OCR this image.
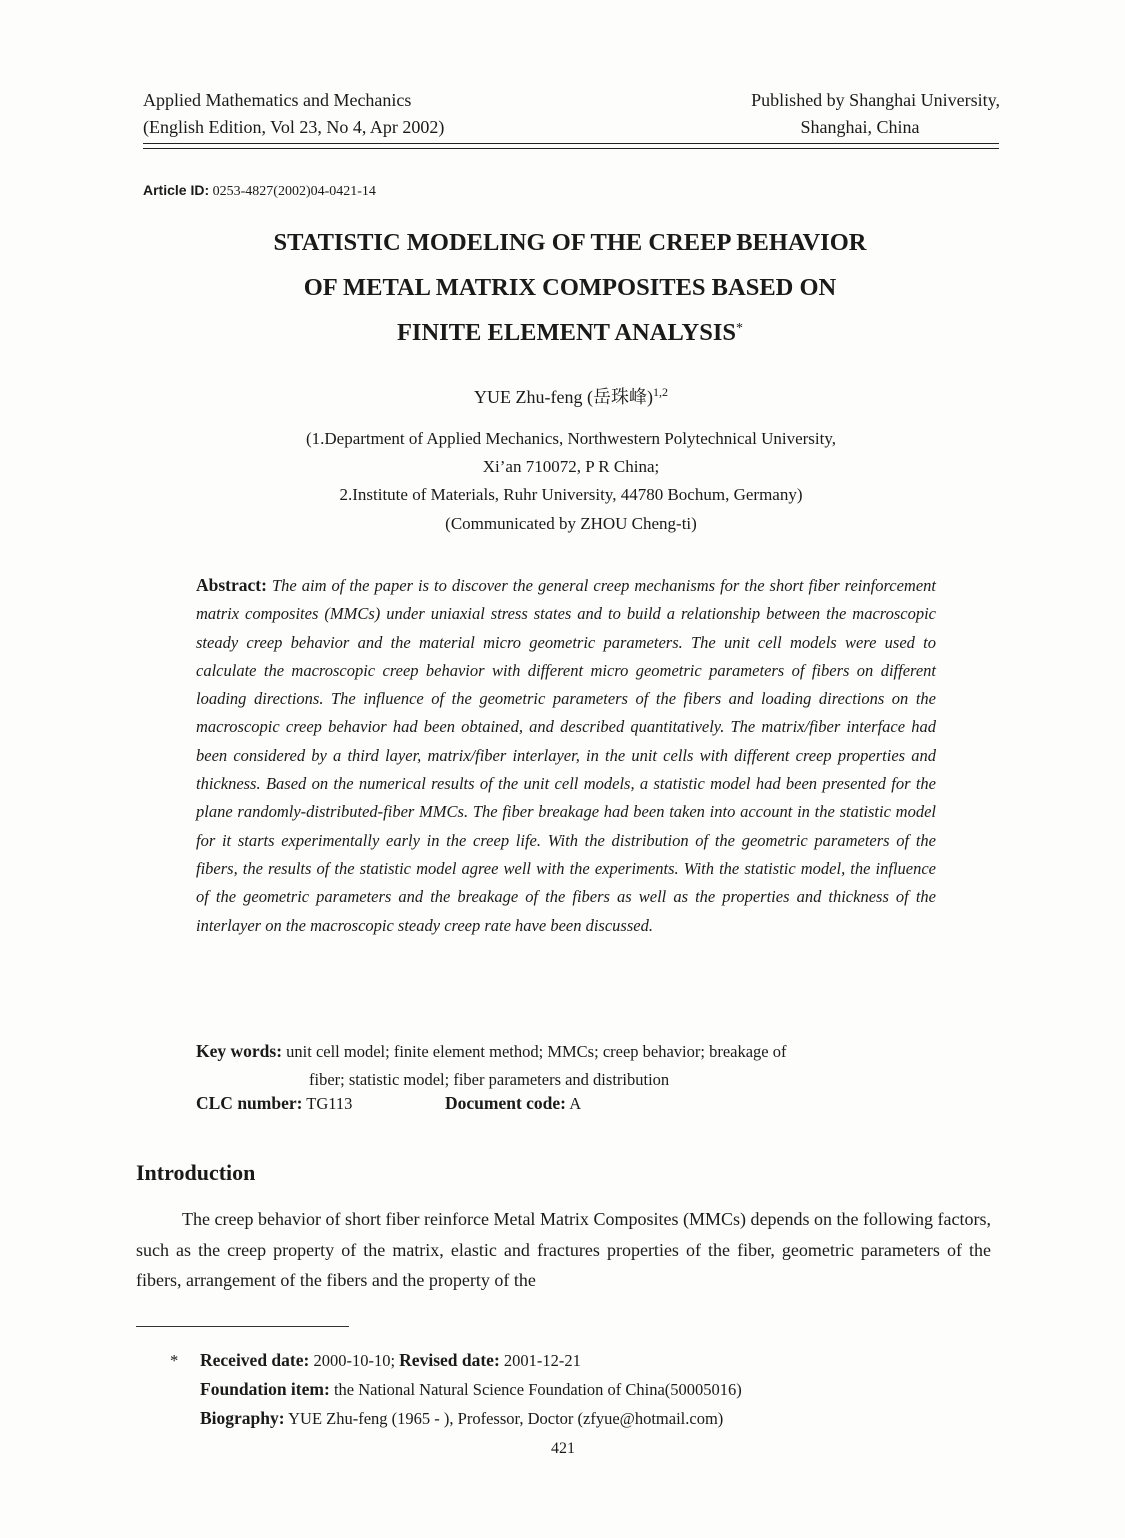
Applied Mathematics and Mechanics
(English Edition, Vol 23, No 4, Apr 2002)
Published by Shanghai University,
Shanghai, China
Article ID: 0253-4827(2002)04-0421-14
STATISTIC MODELING OF THE CREEP BEHAVIOR
OF METAL MATRIX COMPOSITES BASED ON
FINITE ELEMENT ANALYSIS*
YUE Zhu-feng (岳珠峰)$^{1,2}$
(1.Department of Applied Mechanics, Northwestern Polytechnical University,
Xi’an 710072, P R China;
2.Institute of Materials, Ruhr University, 44780 Bochum, Germany)
(Communicated by ZHOU Cheng-ti)
Abstract: The aim of the paper is to discover the general creep mechanisms for the short fiber reinforcement matrix composites (MMCs) under uniaxial stress states and to build a relationship between the macroscopic steady creep behavior and the material micro geometric parameters. The unit cell models were used to calculate the macroscopic creep behavior with different micro geometric parameters of fibers on different loading directions. The influence of the geometric parameters of the fibers and loading directions on the macroscopic creep behavior had been obtained, and described quantitatively. The matrix/fiber interface had been considered by a third layer, matrix/fiber interlayer, in the unit cells with different creep properties and thickness. Based on the numerical results of the unit cell models, a statistic model had been presented for the plane randomly-distributed-fiber MMCs. The fiber breakage had been taken into account in the statistic model for it starts experimentally early in the creep life. With the distribution of the geometric parameters of the fibers, the results of the statistic model agree well with the experiments. With the statistic model, the influence of the geometric parameters and the breakage of the fibers as well as the properties and thickness of the interlayer on the macroscopic steady creep rate have been discussed.
Key words: unit cell model; finite element method; MMCs; creep behavior; breakage of
fiber; statistic model; fiber parameters and distribution
CLC number: TG113	Document code: A
Introduction
The creep behavior of short fiber reinforce Metal Matrix Composites (MMCs) depends on the following factors, such as the creep property of the matrix, elastic and fractures properties of the fiber, geometric parameters of the fibers, arrangement of the fibers and the property of the
* Received date: 2000-10-10; Revised date: 2001-12-21
Foundation item: the National Natural Science Foundation of China(50005016)
Biography: YUE Zhu-feng (1965 - ), Professor, Doctor (zfyue@hotmail.com)
421
